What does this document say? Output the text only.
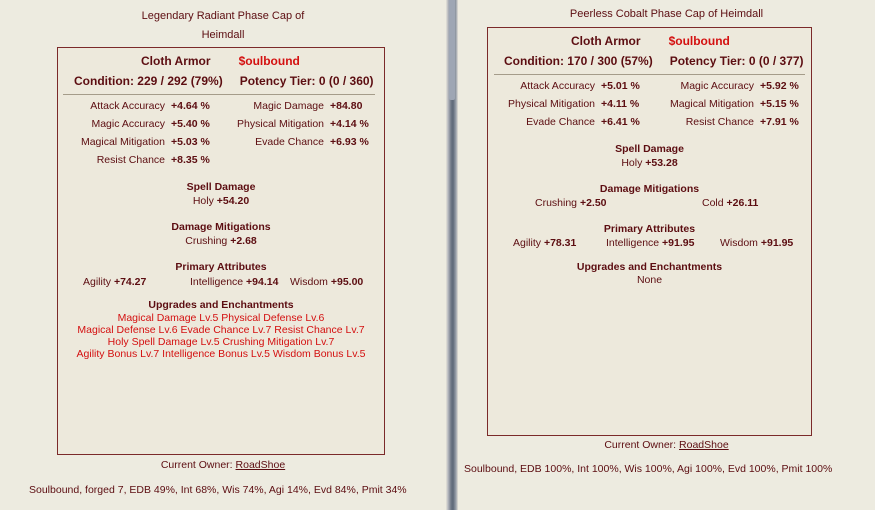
Legendary Radiant Phase Cap of
Heimdall
Cloth Armor $oulbound
Condition: 229 / 292 (79%) Potency Tier: 0 (0 / 360)
Attack Accuracy +4.64 %	Magic Damage +84.80
Magic Accuracy +5.40 %	Physical Mitigation +4.14 %
Magical Mitigation +5.03 %	Evade Chance +6.93 %
Resist Chance +8.35 %
Spell Damage
Holy +54.20
Damage Mitigations
Crushing +2.68
Primary Attributes
Agility +74.27	Intelligence +94.14 Wisdom +95.00
Upgrades and Enchantments
Magical Damage Lv.5 Physical Defense Lv.6
Magical Defense Lv.6 Evade Chance Lv.7 Resist Chance Lv.7
Holy Spell Damage Lv.5 Crushing Mitigation Lv.7
Agility Bonus Lv.7 Intelligence Bonus Lv.5 Wisdom Bonus Lv.5
Current Owner: RoadShoe
Soulbound, forged 7, EDB 49%, Int 68%, Wis 74%, Agi 14%, Evd 84%, Pmit 34%
Peerless Cobalt Phase Cap of Heimdall
Cloth Armor $oulbound
Condition: 170 / 300 (57%) Potency Tier: 0 (0 / 377)
Attack Accuracy +5.01 %	Magic Accuracy +5.92 %
Physical Mitigation +4.11 %	Magical Mitigation +5.15 %
Evade Chance +6.41 %	Resist Chance +7.91 %
Spell Damage
Holy +53.28
Damage Mitigations
Crushing +2.50	Cold +26.11
Primary Attributes
Agility +78.31	Intelligence +91.95 Wisdom +91.95
Upgrades and Enchantments
None
Current Owner: RoadShoe
Soulbound, EDB 100%, Int 100%, Wis 100%, Agi 100%, Evd 100%, Pmit 100%
